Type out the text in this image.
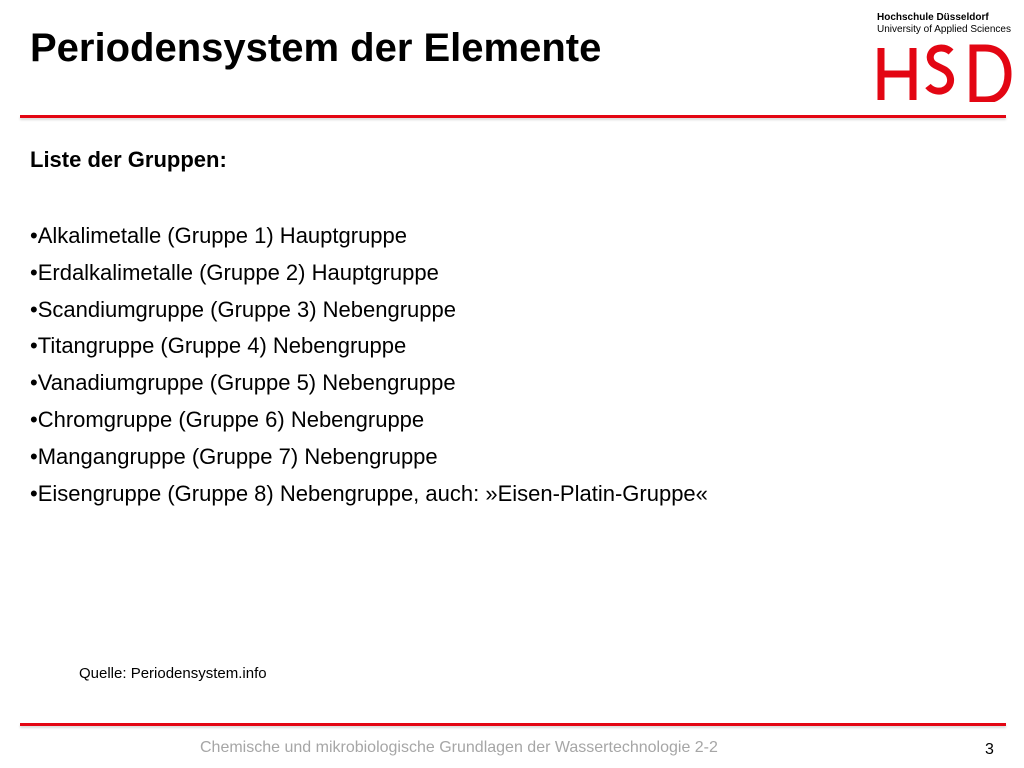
Periodensystem der Elemente
Hochschule Düsseldorf
University of Applied Sciences
Liste der Gruppen:
•Alkalimetalle (Gruppe 1) Hauptgruppe
•Erdalkalimetalle (Gruppe 2) Hauptgruppe
•Scandiumgruppe (Gruppe 3) Nebengruppe
•Titangruppe (Gruppe 4) Nebengruppe
•Vanadiumgruppe (Gruppe 5) Nebengruppe
•Chromgruppe (Gruppe 6) Nebengruppe
•Mangangruppe (Gruppe 7) Nebengruppe
•Eisengruppe (Gruppe 8) Nebengruppe, auch: »Eisen-Platin-Gruppe«
Quelle: Periodensystem.info
Chemische und mikrobiologische Grundlagen der Wassertechnologie 2-2	3
